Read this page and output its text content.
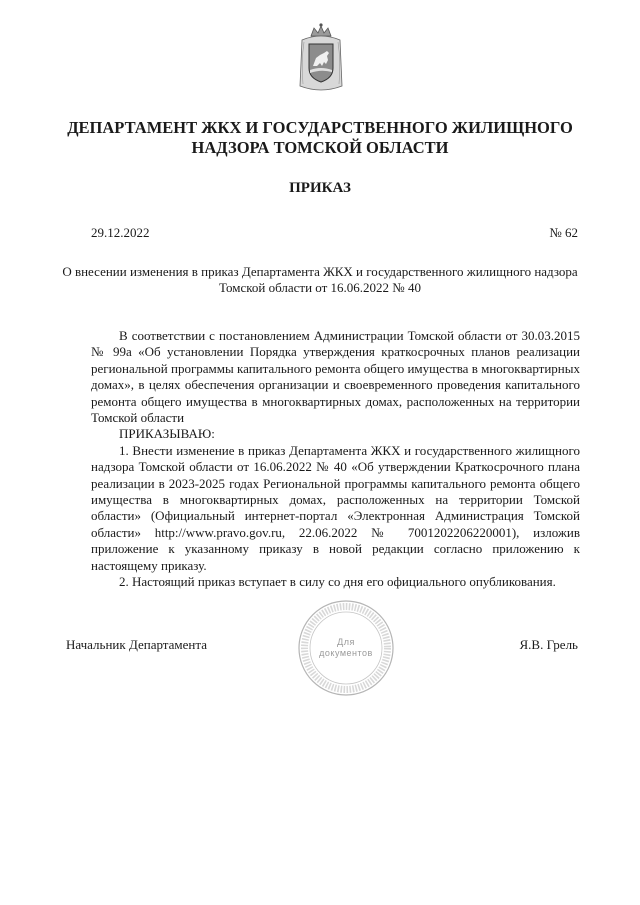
ДЕПАРТАМЕНТ ЖКХ И ГОСУДАРСТВЕННОГО ЖИЛИЩНОГО НАДЗОРА ТОМСКОЙ ОБЛАСТИ
ПРИКАЗ
29.12.2022	№ 62
О внесении изменения в приказ Департамента ЖКХ и государственного жилищного надзора Томской области от 16.06.2022 № 40

В соответствии с постановлением Администрации Томской области от 30.03.2015 № 99а «Об установлении Порядка утверждения краткосрочных планов реализации региональной программы капитального ремонта общего имущества в многоквартирных домах», в целях обеспечения организации и своевременного проведения капитального ремонта общего имущества в многоквартирных домах, расположенных на территории Томской области

ПРИКАЗЫВАЮ:

1. Внести изменение в приказ Департамента ЖКХ и государственного жилищного надзора Томской области от 16.06.2022 № 40 «Об утверждении Краткосрочного плана реализации в 2023-2025 годах Региональной программы капитального ремонта общего имущества в многоквартирных домах, расположенных на территории Томской области» (Официальный интернет-портал «Электронная Администрация Томской области» http://www.pravo.gov.ru, 22.06.2022 № 7001202206220001), изложив приложение к указанному приказу в новой редакции согласно приложению к настоящему приказу.

2. Настоящий приказ вступает в силу со дня его официального опубликования.

Начальник Департамента	Я.В. Грель
Для
документов
